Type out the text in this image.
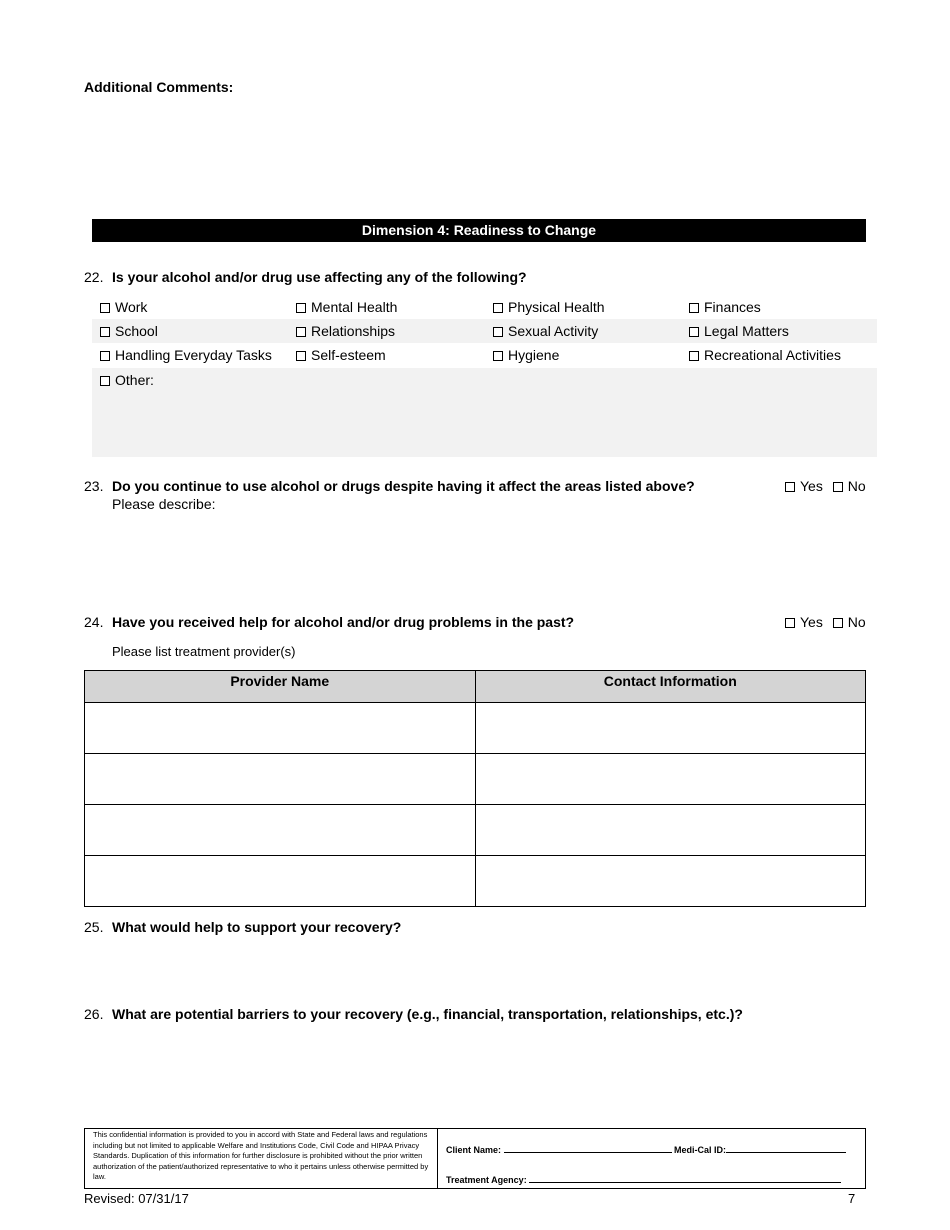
Additional Comments:
Dimension 4: Readiness to Change
22. Is your alcohol and/or drug use affecting any of the following?
Work	Mental Health	Physical Health	Finances
School	Relationships	Sexual Activity	Legal Matters
Handling Everyday Tasks	Self-esteem	Hygiene	Recreational Activities
Other:
23. Do you continue to use alcohol or drugs despite having it affect the areas listed above?	Yes No
Please describe:
24. Have you received help for alcohol and/or drug problems in the past?	Yes No
Please list treatment provider(s)
Provider Name	Contact Information

25. What would help to support your recovery?
26. What are potential barriers to your recovery (e.g., financial, transportation, relationships, etc.)?
This confidential information is provided to you in accord with State and Federal laws and regulations including but not limited to applicable Welfare and Institutions Code, Civil Code and HIPAA Privacy Standards. Duplication of this information for further disclosure is prohibited without the prior written authorization of the patient/authorized representative to who it pertains unless otherwise permitted by law.
Client Name:	Medi-Cal ID:
Treatment Agency:
Revised: 07/31/17	7
